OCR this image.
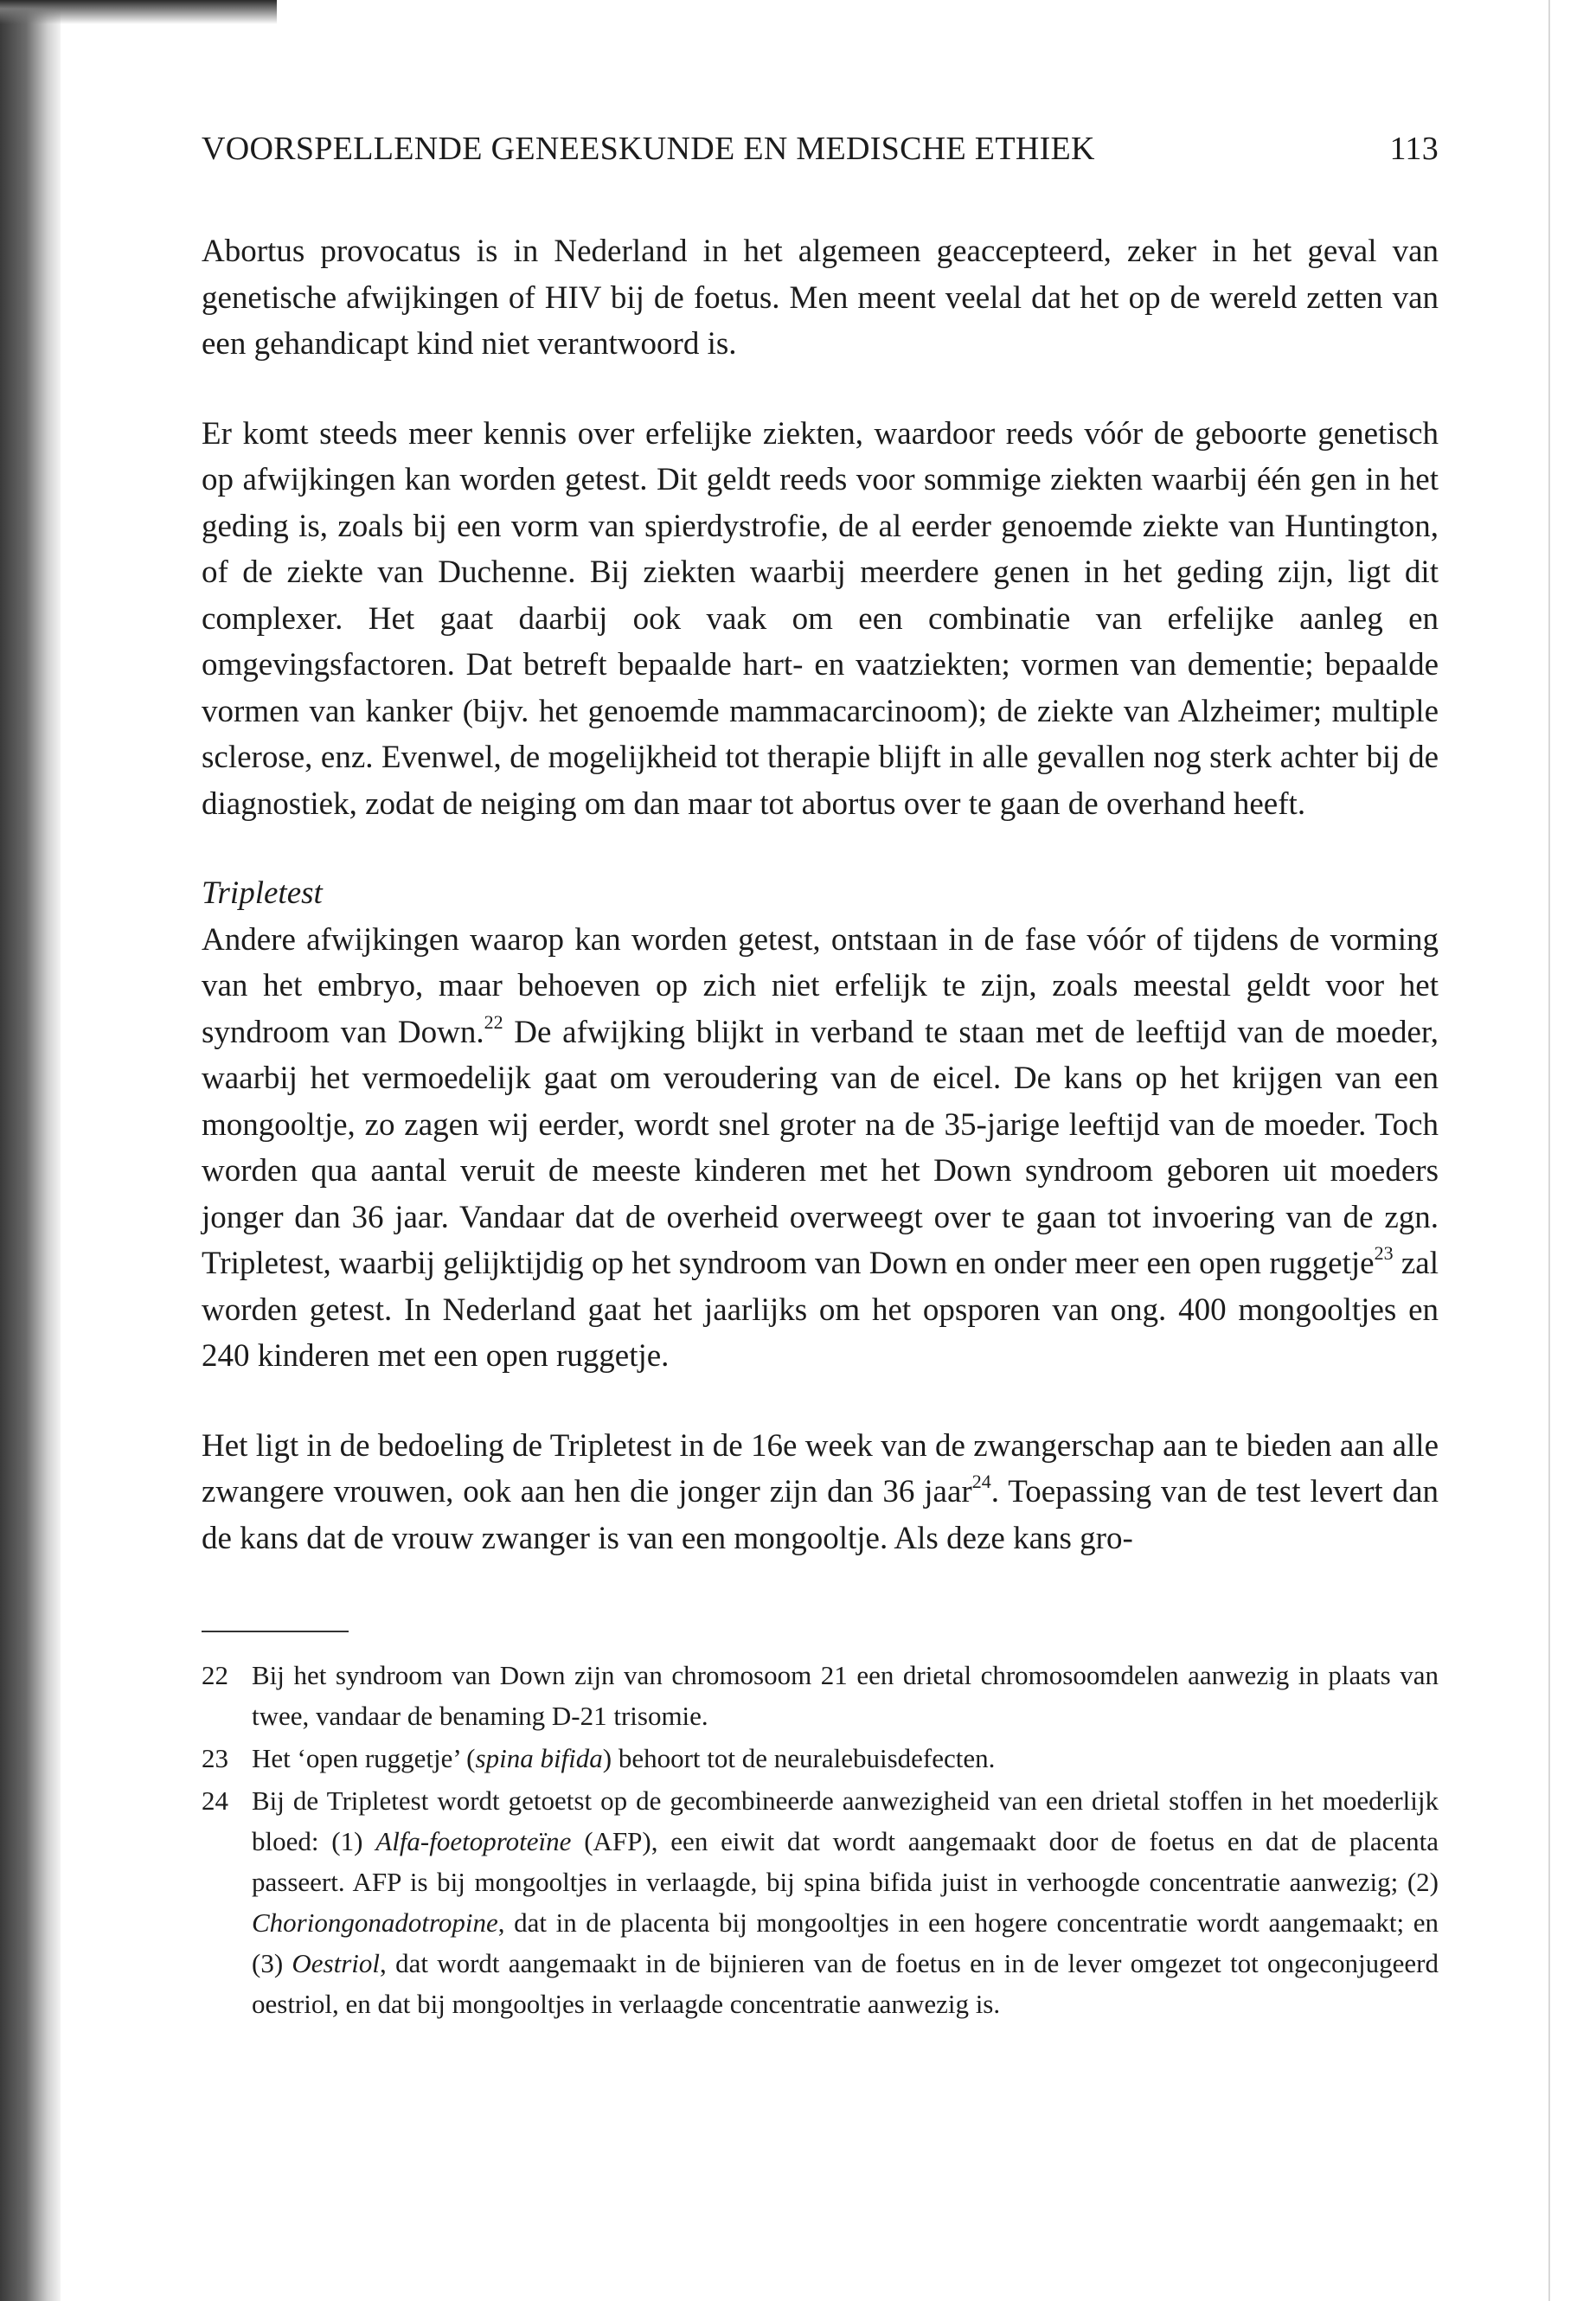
VOORSPELLENDE GENEESKUNDE EN MEDISCHE ETHIEK	113

Abortus provocatus is in Nederland in het algemeen geaccepteerd, zeker in het geval van genetische afwijkingen of HIV bij de foetus. Men meent veelal dat het op de wereld zetten van een gehandicapt kind niet verantwoord is.

Er komt steeds meer kennis over erfelijke ziekten, waardoor reeds vóór de geboorte genetisch op afwijkingen kan worden getest. Dit geldt reeds voor sommige ziekten waarbij één gen in het geding is, zoals bij een vorm van spierdystrofie, de al eerder genoemde ziekte van Huntington, of de ziekte van Duchenne. Bij ziekten waarbij meerdere genen in het geding zijn, ligt dit complexer. Het gaat daarbij ook vaak om een combinatie van erfelijke aanleg en omgevingsfactoren. Dat betreft bepaalde hart- en vaatziekten; vormen van dementie; bepaalde vormen van kanker (bijv. het genoemde mammacarcinoom); de ziekte van Alzheimer; multiple sclerose, enz. Evenwel, de mogelijkheid tot therapie blijft in alle gevallen nog sterk achter bij de diagnostiek, zodat de neiging om dan maar tot abortus over te gaan de overhand heeft.

Tripletest

Andere afwijkingen waarop kan worden getest, ontstaan in de fase vóór of tijdens de vorming van het embryo, maar behoeven op zich niet erfelijk te zijn, zoals meestal geldt voor het syndroom van Down.$^{22}$ De afwijking blijkt in verband te staan met de leeftijd van de moeder, waarbij het vermoedelijk gaat om veroudering van de eicel. De kans op het krijgen van een mongooltje, zo zagen wij eerder, wordt snel groter na de 35-jarige leeftijd van de moeder. Toch worden qua aantal veruit de meeste kinderen met het Down syndroom geboren uit moeders jonger dan 36 jaar. Vandaar dat de overheid overweegt over te gaan tot invoering van de zgn. Tripletest, waarbij gelijktijdig op het syndroom van Down en onder meer een open ruggetje$^{23}$ zal worden getest. In Nederland gaat het jaarlijks om het opsporen van ong. 400 mongooltjes en 240 kinderen met een open ruggetje.

Het ligt in de bedoeling de Tripletest in de 16e week van de zwangerschap aan te bieden aan alle zwangere vrouwen, ook aan hen die jonger zijn dan 36 jaar$^{24}$. Toepassing van de test levert dan de kans dat de vrouw zwanger is van een mongooltje. Als deze kans gro-

22 Bij het syndroom van Down zijn van chromosoom 21 een drietal chromosoomdelen aanwezig in plaats van twee, vandaar de benaming D-21 trisomie.
23 Het ‘open ruggetje’ (spina bifida) behoort tot de neuralebuisdefecten.
24 Bij de Tripletest wordt getoetst op de gecombineerde aanwezigheid van een drietal stoffen in het moederlijk bloed: (1) Alfa-foetoproteïne (AFP), een eiwit dat wordt aangemaakt door de foetus en dat de placenta passeert. AFP is bij mongooltjes in verlaagde, bij spina bifida juist in verhoogde concentratie aanwezig; (2) Choriongonadotropine, dat in de placenta bij mongooltjes in een hogere concentratie wordt aangemaakt; en (3) Oestriol, dat wordt aangemaakt in de bijnieren van de foetus en in de lever omgezet tot ongeconjugeerd oestriol, en dat bij mongooltjes in verlaagde concentratie aanwezig is.
